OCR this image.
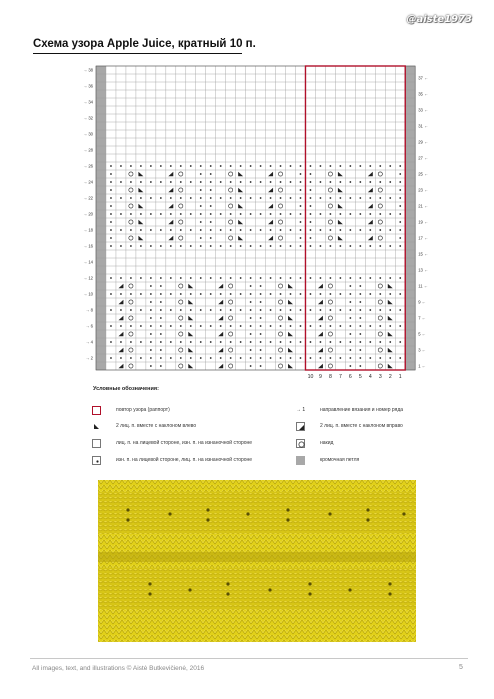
@aiste1973
Схема узора Apple Juice, кратный 10 п.
→ 38
→ 36
→ 34
→ 32
→ 30
→ 28
→ 26
→ 24
→ 22
→ 20
→ 18
→ 16
→ 14
→ 12
→ 10
→ 8
→ 6
→ 4
→ 2
37 ←
35 ←
33 ←
31 ←
29 ←
27 ←
25 ←
23 ←
21 ←
19 ←
17 ←
15 ←
13 ←
11 ←
9 ←
7 ←
5 ←
3 ←
1 ←
10 9 8 7 6 5 4 3 2 1
Условные обозначения:
повтор узора (раппорт)	→ 1	направление вязания и номер ряда
2 лиц. п. вместе с наклоном влево	2 лиц. п. вместе с наклоном вправо
лиц. п. на лицевой стороне, изн. п. на изнаночной стороне	накид
изн. п. на лицевой стороне, лиц. п. на изнаночной стороне	кромочная петля
All images, text, and illustrations © Aistė Butkevičienė, 2016	5
